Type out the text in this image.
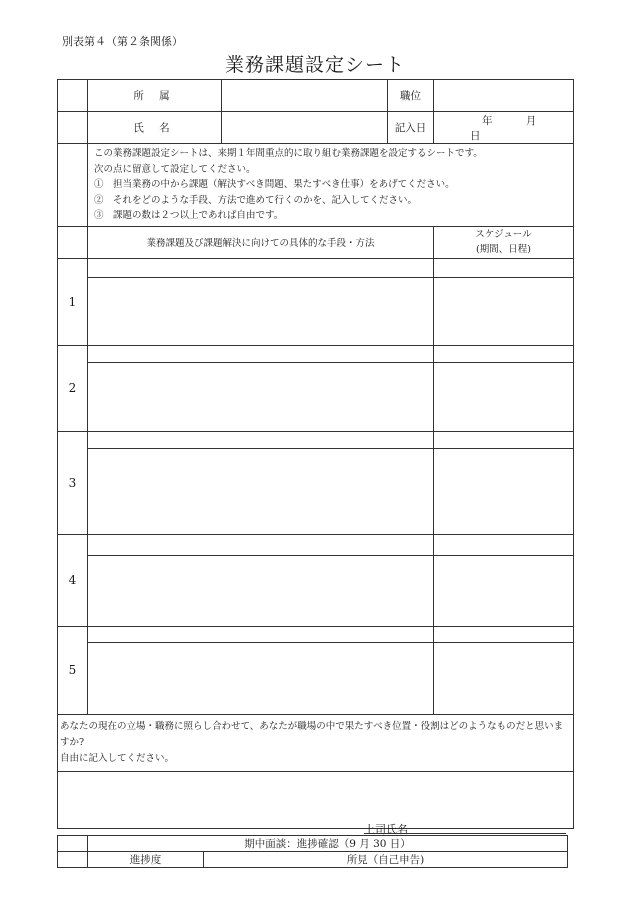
別表第４（第２条関係）
業務課題設定シート
	所 属		職位	
	氏 名		記入日	年 月 日

	この業務課題設定シートは、来期１年間重点的に取り組む業務課題を設定するシートです。
次の点に留意して設定してください。
①　担当業務の中から課題（解決すべき問題、果たすべき仕事）をあげてください。
②　それをどのような手段、方法で進めて行くのかを、記入してください。
③　課題の数は２つ以上であれば自由です。			

	業務課題及び課題解決に向けての具体的な手段・方法			スケジュール
(期間、日程)

1				

2				

3				

4				

5				

あなたの現在の立場・職務に照らし合わせて、あなたが職場の中で果たすべき位置・役割はどのようなものだと思いますか?
自由に記入してください。				

上司氏名
	期中面談：進捗確認（9 月 30 日）	
	進捗度	所見（自己申告)
